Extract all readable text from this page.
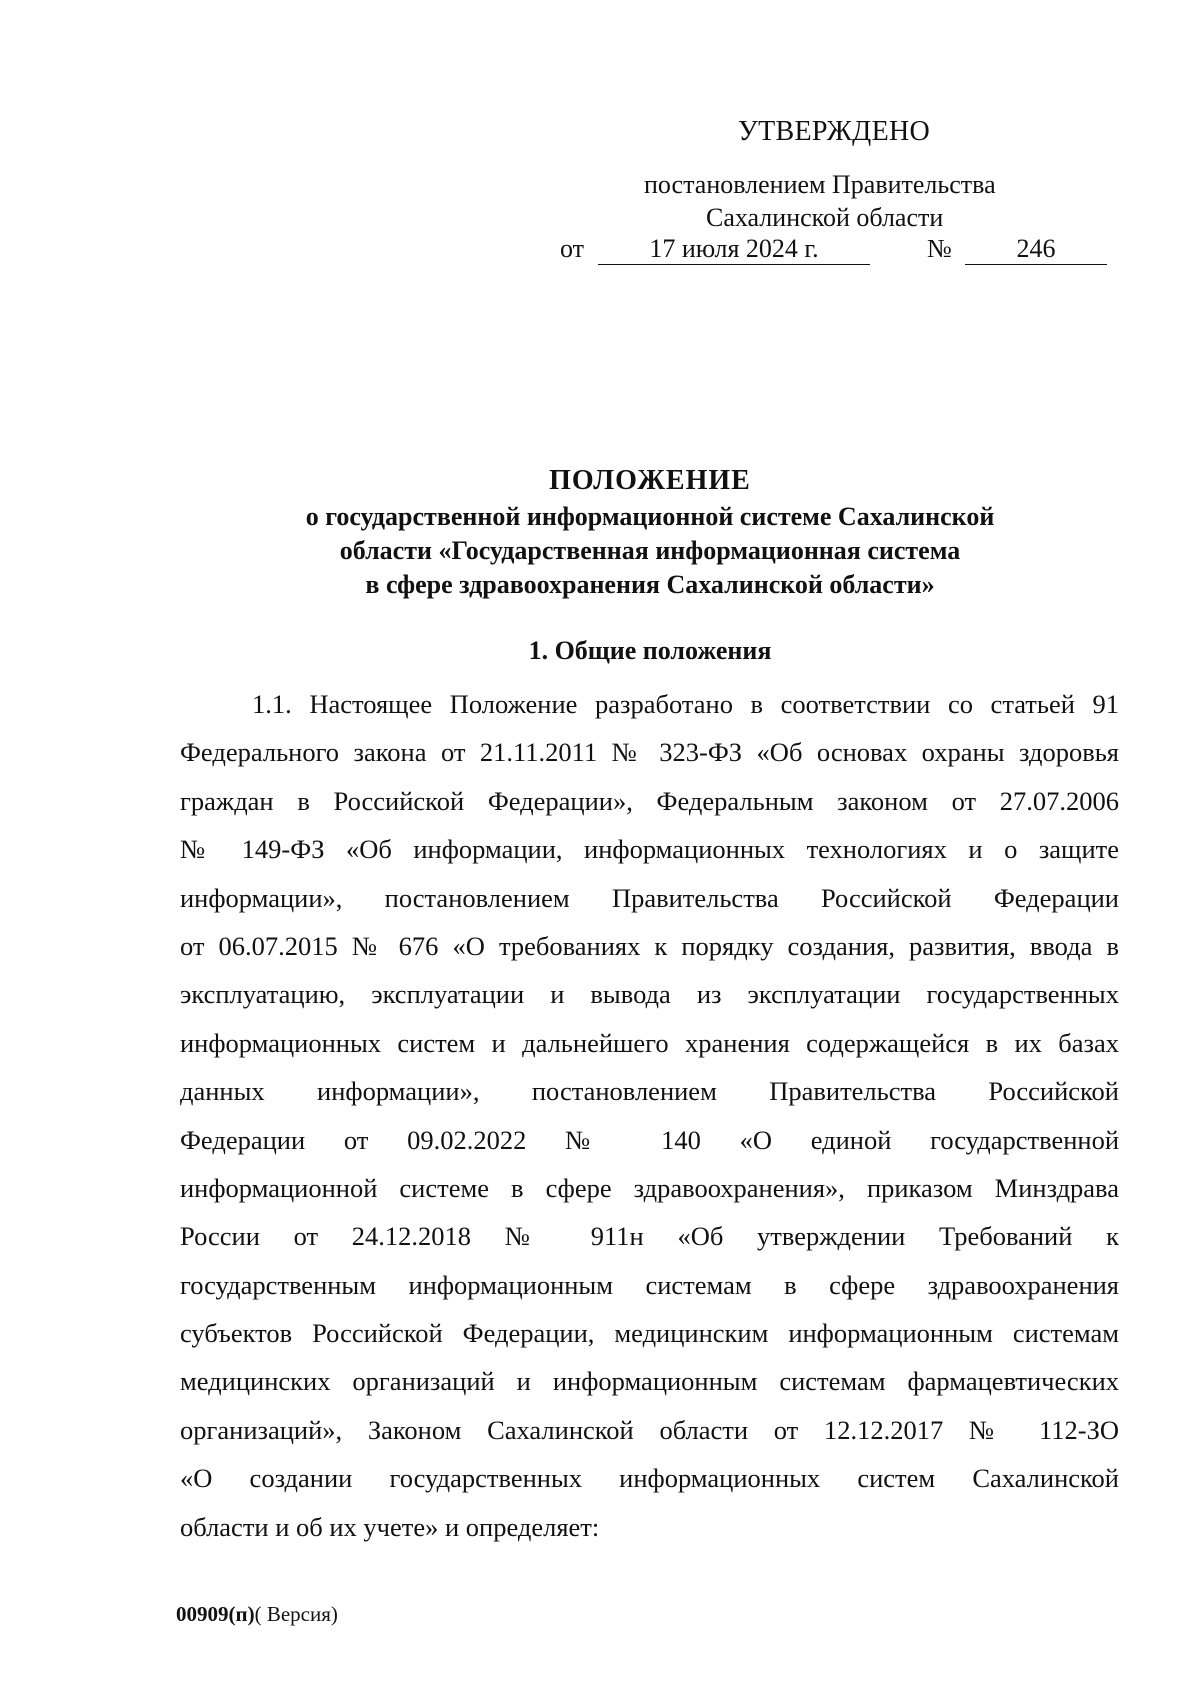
УТВЕРЖДЕНО
постановлением Правительства
Сахалинской области
от	17 июля 2024 г.	№	246
ПОЛОЖЕНИЕ
о государственной информационной системе Сахалинской
области «Государственная информационная система
в сфере здравоохранения Сахалинской области»
1. Общие положения
1.1. Настоящее Положение разработано в соответствии со статьей 91
Федерального закона от 21.11.2011 № 323-ФЗ «Об основах охраны здоровья
граждан в Российской Федерации», Федеральным законом от 27.07.2006
№ 149-ФЗ «Об информации, информационных технологиях и о защите
информации», постановлением Правительства Российской Федерации
от 06.07.2015 № 676 «О требованиях к порядку создания, развития, ввода в
эксплуатацию, эксплуатации и вывода из эксплуатации государственных
информационных систем и дальнейшего хранения содержащейся в их базах
данных информации», постановлением Правительства Российской
Федерации от 09.02.2022 № 140 «О единой государственной
информационной системе в сфере здравоохранения», приказом Минздрава
России от 24.12.2018 № 911н «Об утверждении Требований к
государственным информационным системам в сфере здравоохранения
субъектов Российской Федерации, медицинским информационным системам
медицинских организаций и информационным системам фармацевтических
организаций», Законом Сахалинской области от 12.12.2017 № 112-ЗО
«О создании государственных информационных систем Сахалинской
области и об их учете» и определяет:
00909(п)( Версия)
